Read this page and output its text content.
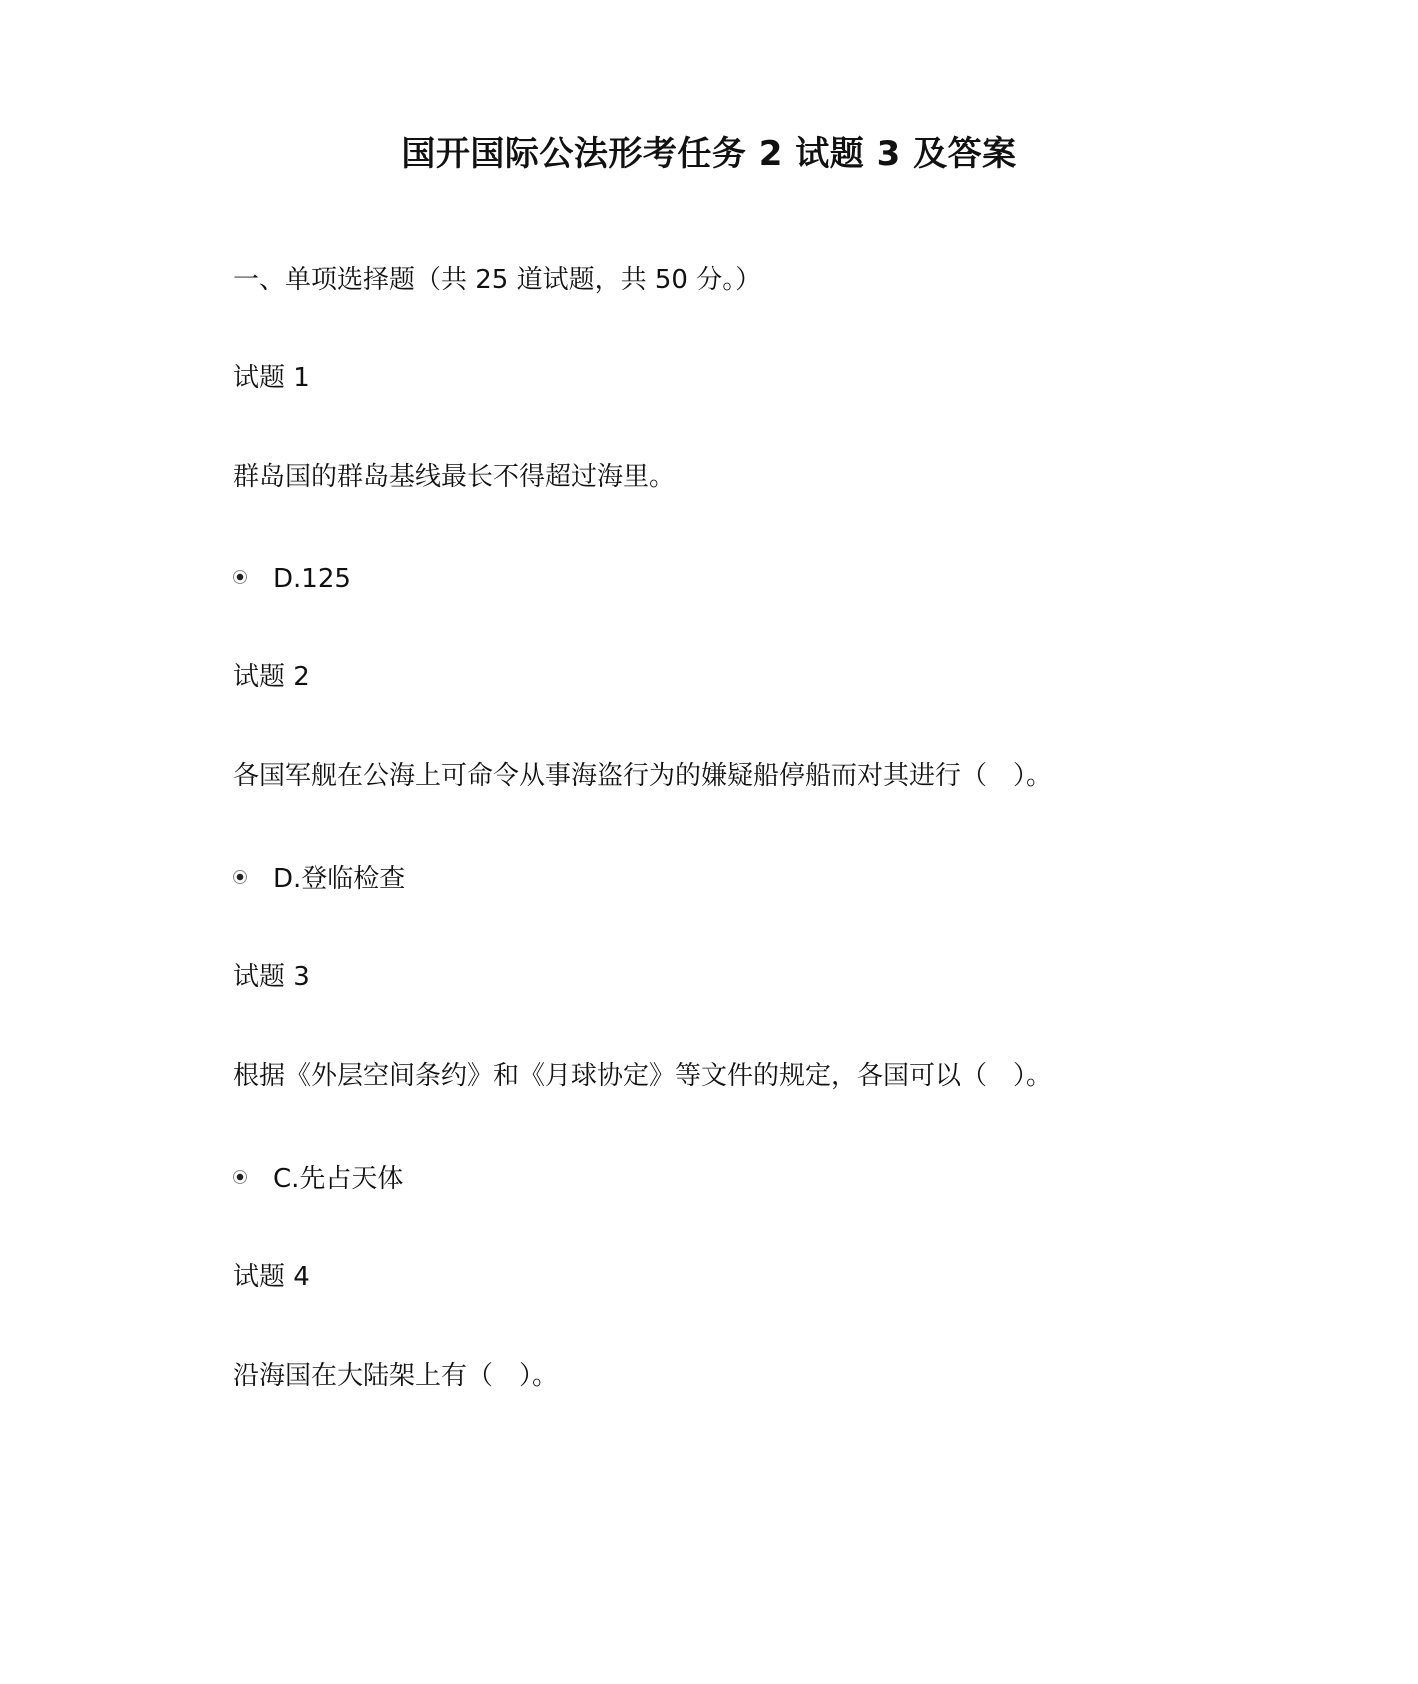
国开国际公法形考任务 2 试题 3 及答案
一、单项选择题（共 25 道试题，共 50 分。）
试题 1
群岛国的群岛基线最长不得超过海里。
D.125
试题 2
各国军舰在公海上可命令从事海盗行为的嫌疑船停船而对其进行（　）。
D.登临检查
试题 3
根据《外层空间条约》和《月球协定》等文件的规定，各国可以（　）。
C.先占天体
试题 4
沿海国在大陆架上有（　）。
